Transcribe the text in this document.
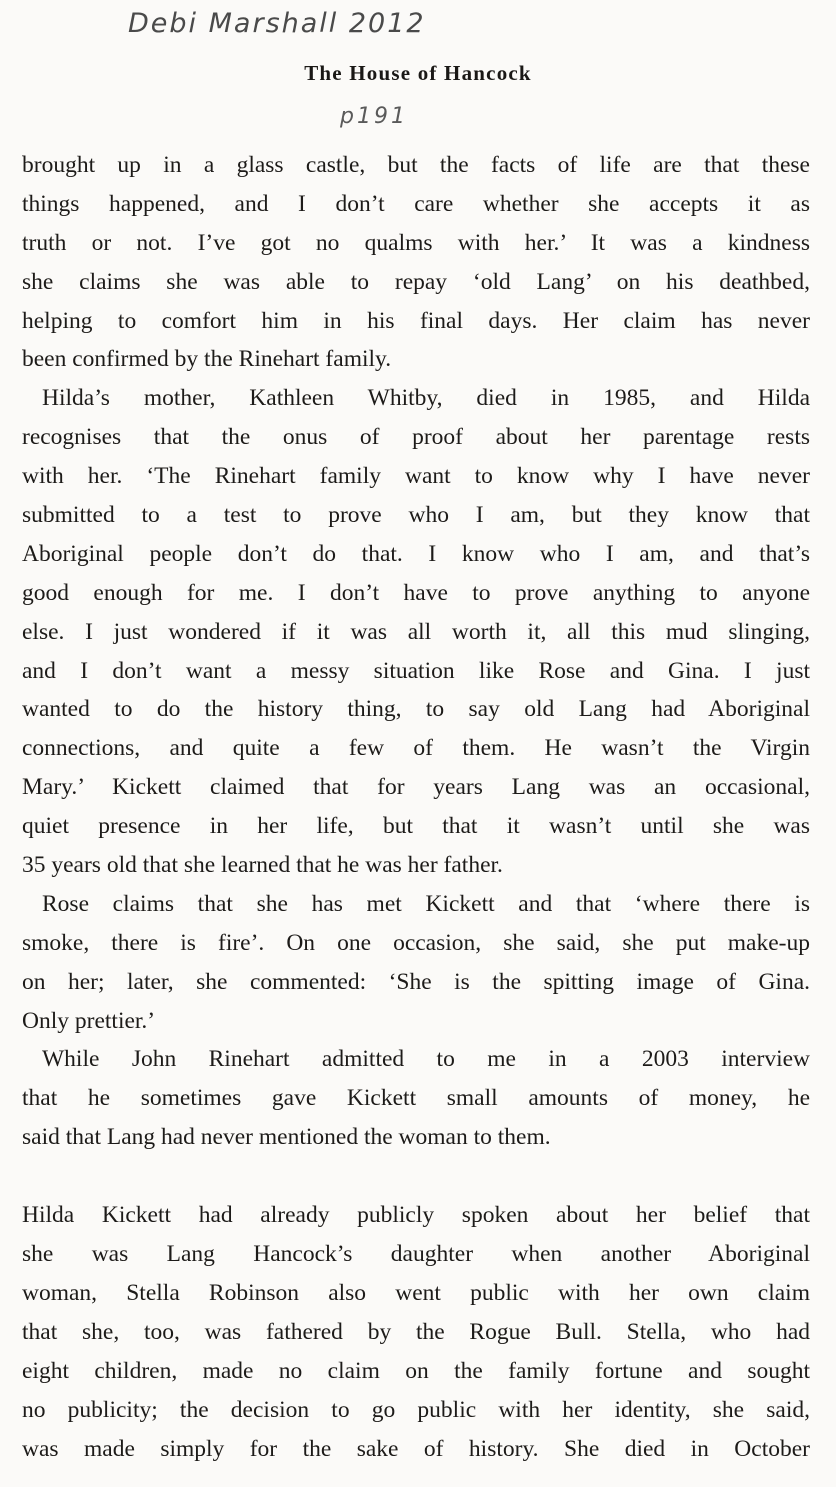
Debi Marshall 2012
The House of Hancock
p191
brought up in a glass castle, but the facts of life are that these
things happened, and I don’t care whether she accepts it as
truth or not. I’ve got no qualms with her.’ It was a kindness
she claims she was able to repay ‘old Lang’ on his deathbed,
helping to comfort him in his final days. Her claim has never
been confirmed by the Rinehart family.
Hilda’s mother, Kathleen Whitby, died in 1985, and Hilda
recognises that the onus of proof about her parentage rests
with her. ‘The Rinehart family want to know why I have never
submitted to a test to prove who I am, but they know that
Aboriginal people don’t do that. I know who I am, and that’s
good enough for me. I don’t have to prove anything to anyone
else. I just wondered if it was all worth it, all this mud slinging,
and I don’t want a messy situation like Rose and Gina. I just
wanted to do the history thing, to say old Lang had Aboriginal
connections, and quite a few of them. He wasn’t the Virgin
Mary.’ Kickett claimed that for years Lang was an occasional,
quiet presence in her life, but that it wasn’t until she was
35 years old that she learned that he was her father.
Rose claims that she has met Kickett and that ‘where there is
smoke, there is fire’. On one occasion, she said, she put make-up
on her; later, she commented: ‘She is the spitting image of Gina.
Only prettier.’
While John Rinehart admitted to me in a 2003 interview
that he sometimes gave Kickett small amounts of money, he
said that Lang had never mentioned the woman to them.
Hilda Kickett had already publicly spoken about her belief that
she was Lang Hancock’s daughter when another Aboriginal
woman, Stella Robinson also went public with her own claim
that she, too, was fathered by the Rogue Bull. Stella, who had
eight children, made no claim on the family fortune and sought
no publicity; the decision to go public with her identity, she said,
was made simply for the sake of history. She died in October
